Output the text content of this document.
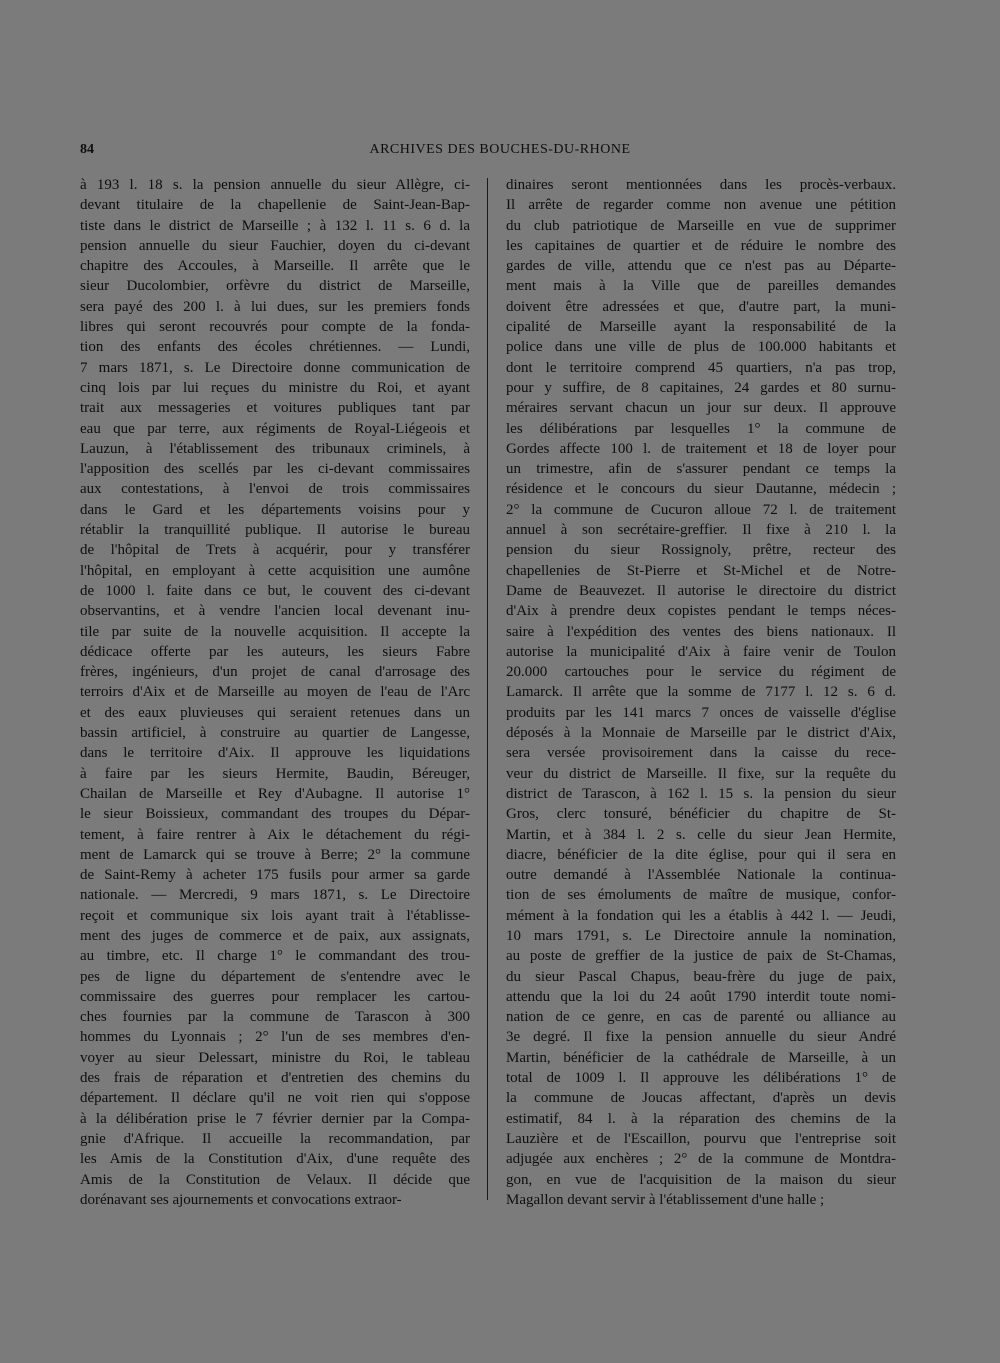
84	ARCHIVES DES BOUCHES-DU-RHONE
à 193 l. 18 s. la pension annuelle du sieur Allègre, ci-
devant titulaire de la chapellenie de Saint-Jean-Bap-
tiste dans le district de Marseille ; à 132 l. 11 s. 6 d. la
pension annuelle du sieur Fauchier, doyen du ci-devant
chapitre des Accoules, à Marseille. Il arrête que le
sieur Ducolombier, orfèvre du district de Marseille,
sera payé des 200 l. à lui dues, sur les premiers fonds
libres qui seront recouvrés pour compte de la fonda-
tion des enfants des écoles chrétiennes. — Lundi,
7 mars 1871, s. Le Directoire donne communication de
cinq lois par lui reçues du ministre du Roi, et ayant
trait aux messageries et voitures publiques tant par
eau que par terre, aux régiments de Royal-Liégeois et
Lauzun, à l'établissement des tribunaux criminels, à
l'apposition des scellés par les ci-devant commissaires
aux contestations, à l'envoi de trois commissaires
dans le Gard et les départements voisins pour y
rétablir la tranquillité publique. Il autorise le bureau
de l'hôpital de Trets à acquérir, pour y transférer
l'hôpital, en employant à cette acquisition une aumône
de 1000 l. faite dans ce but, le couvent des ci-devant
observantins, et à vendre l'ancien local devenant inu-
tile par suite de la nouvelle acquisition. Il accepte la
dédicace offerte par les auteurs, les sieurs Fabre
frères, ingénieurs, d'un projet de canal d'arrosage des
terroirs d'Aix et de Marseille au moyen de l'eau de l'Arc
et des eaux pluvieuses qui seraient retenues dans un
bassin artificiel, à construire au quartier de Langesse,
dans le territoire d'Aix. Il approuve les liquidations
à faire par les sieurs Hermite, Baudin, Béreuger,
Chailan de Marseille et Rey d'Aubagne. Il autorise 1°
le sieur Boissieux, commandant des troupes du Dépar-
tement, à faire rentrer à Aix le détachement du régi-
ment de Lamarck qui se trouve à Berre; 2° la commune
de Saint-Remy à acheter 175 fusils pour armer sa garde
nationale. — Mercredi, 9 mars 1871, s. Le Directoire
reçoit et communique six lois ayant trait à l'établisse-
ment des juges de commerce et de paix, aux assignats,
au timbre, etc. Il charge 1° le commandant des trou-
pes de ligne du département de s'entendre avec le
commissaire des guerres pour remplacer les cartou-
ches fournies par la commune de Tarascon à 300
hommes du Lyonnais ; 2° l'un de ses membres d'en-
voyer au sieur Delessart, ministre du Roi, le tableau
des frais de réparation et d'entretien des chemins du
département. Il déclare qu'il ne voit rien qui s'oppose
à la délibération prise le 7 février dernier par la Compa-
gnie d'Afrique. Il accueille la recommandation, par
les Amis de la Constitution d'Aix, d'une requête des
Amis de la Constitution de Velaux. Il décide que
dorénavant ses ajournements et convocations extraor-
dinaires seront mentionnées dans les procès-verbaux.
Il arrête de regarder comme non avenue une pétition
du club patriotique de Marseille en vue de supprimer
les capitaines de quartier et de réduire le nombre des
gardes de ville, attendu que ce n'est pas au Départe-
ment mais à la Ville que de pareilles demandes
doivent être adressées et que, d'autre part, la muni-
cipalité de Marseille ayant la responsabilité de la
police dans une ville de plus de 100.000 habitants et
dont le territoire comprend 45 quartiers, n'a pas trop,
pour y suffire, de 8 capitaines, 24 gardes et 80 surnu-
méraires servant chacun un jour sur deux. Il approuve
les délibérations par lesquelles 1° la commune de
Gordes affecte 100 l. de traitement et 18 de loyer pour
un trimestre, afin de s'assurer pendant ce temps la
résidence et le concours du sieur Dautanne, médecin ;
2° la commune de Cucuron alloue 72 l. de traitement
annuel à son secrétaire-greffier. Il fixe à 210 l. la
pension du sieur Rossignoly, prêtre, recteur des
chapellenies de St-Pierre et St-Michel et de Notre-
Dame de Beauvezet. Il autorise le directoire du district
d'Aix à prendre deux copistes pendant le temps néces-
saire à l'expédition des ventes des biens nationaux. Il
autorise la municipalité d'Aix à faire venir de Toulon
20.000 cartouches pour le service du régiment de
Lamarck. Il arrête que la somme de 7177 l. 12 s. 6 d.
produits par les 141 marcs 7 onces de vaisselle d'église
déposés à la Monnaie de Marseille par le district d'Aix,
sera versée provisoirement dans la caisse du rece-
veur du district de Marseille. Il fixe, sur la requête du
district de Tarascon, à 162 l. 15 s. la pension du sieur
Gros, clerc tonsuré, bénéficier du chapitre de St-
Martin, et à 384 l. 2 s. celle du sieur Jean Hermite,
diacre, bénéficier de la dite église, pour qui il sera en
outre demandé à l'Assemblée Nationale la continua-
tion de ses émoluments de maître de musique, confor-
mément à la fondation qui les a établis à 442 l. — Jeudi,
10 mars 1791, s. Le Directoire annule la nomination,
au poste de greffier de la justice de paix de St-Chamas,
du sieur Pascal Chapus, beau-frère du juge de paix,
attendu que la loi du 24 août 1790 interdit toute nomi-
nation de ce genre, en cas de parenté ou alliance au
3e degré. Il fixe la pension annuelle du sieur André
Martin, bénéficier de la cathédrale de Marseille, à un
total de 1009 l. Il approuve les délibérations 1° de
la commune de Joucas affectant, d'après un devis
estimatif, 84 l. à la réparation des chemins de la
Lauzière et de l'Escaillon, pourvu que l'entreprise soit
adjugée aux enchères ; 2° de la commune de Montdra-
gon, en vue de l'acquisition de la maison du sieur
Magallon devant servir à l'établissement d'une halle ;
